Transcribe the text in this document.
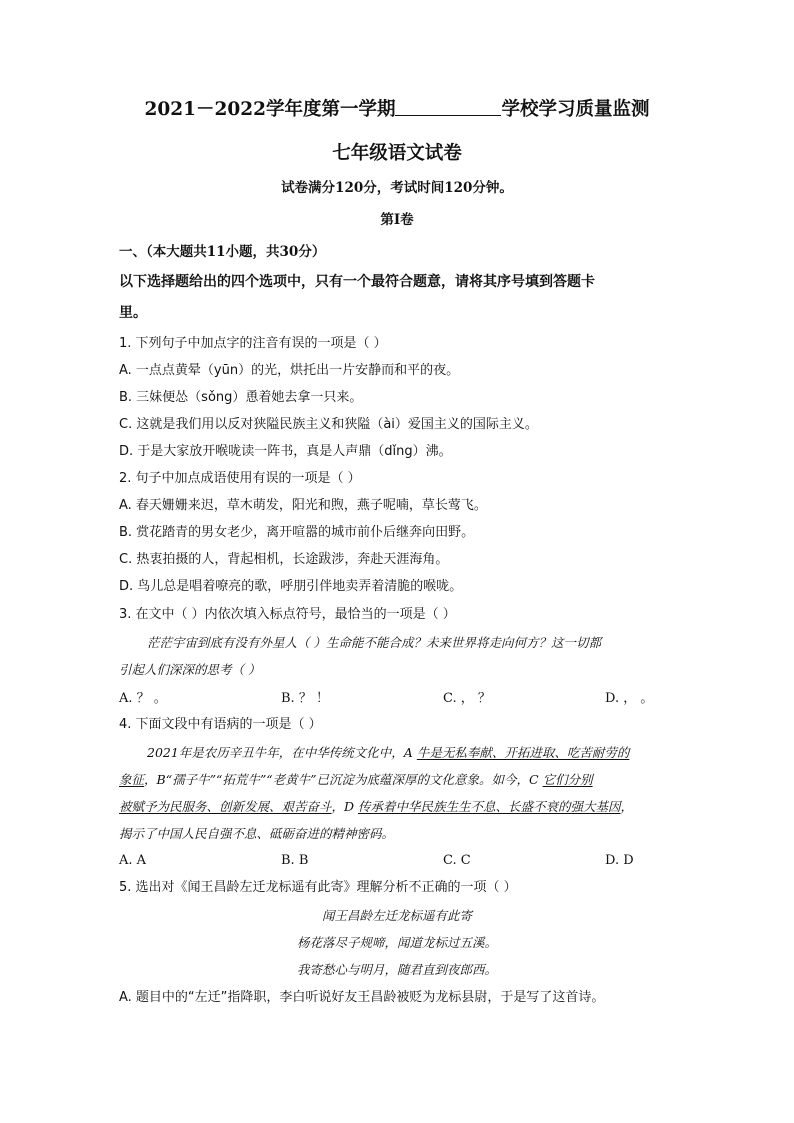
2021－2022学年度第一学期	学校学习质量监测
七年级语文试卷
试卷满分120分，考试时间120分钟。
第Ⅰ卷
一、（本大题共11小题，共30分）
以下选择题给出的四个选项中，只有一个最符合题意，请将其序号填到答题卡
里。
1. 下列句子中加点字的注音有误的一项是（ ）
A. 一点点黄晕（yūn）的光，烘托出一片安静而和平的夜。
B. 三妹便怂（sǒng）恿着她去拿一只来。
C. 这就是我们用以反对狭隘民族主义和狭隘（ài）爱国主义的国际主义。
D. 于是大家放开喉咙读一阵书，真是人声鼎（dǐng）沸。
2. 句子中加点成语使用有误的一项是（ ）
A. 春天姗姗来迟，草木萌发，阳光和煦，燕子呢喃，草长莺飞。
B. 赏花踏青的男女老少，离开喧嚣的城市前仆后继奔向田野。
C. 热衷拍摄的人，背起相机，长途跋涉，奔赴天涯海角。
D. 鸟儿总是唱着嘹亮的歌，呼朋引伴地卖弄着清脆的喉咙。
3. 在文中（ ）内依次填入标点符号，最恰当的一项是（ ）
茫茫宇宙到底有没有外星人（ ）生命能不能合成？未来世界将走向何方？这一切都
引起人们深深的思考（ ）
A. ？ 。	B. ？ ！	C. ， ？	D. ， 。
4. 下面文段中有语病的一项是（ ）
2021年是农历辛丑牛年，在中华传统文化中，A 牛是无私奉献、开拓进取、吃苦耐劳的
象征，B“孺子牛”“拓荒牛”“老黄牛”已沉淀为底蕴深厚的文化意象。如今，C 它们分别
被赋予为民服务、创新发展、艰苦奋斗，D 传承着中华民族生生不息、长盛不衰的强大基因，
揭示了中国人民自强不息、砥砺奋进的精神密码。
A. A	B. B	C. C	D. D
5. 选出对《闻王昌龄左迁龙标遥有此寄》理解分析不正确的一项（ ）
闻王昌龄左迁龙标遥有此寄
杨花落尽子规啼，闻道龙标过五溪。
我寄愁心与明月，随君直到夜郎西。
A. 题目中的“左迁”指降职，李白听说好友王昌龄被贬为龙标县尉，于是写了这首诗。
